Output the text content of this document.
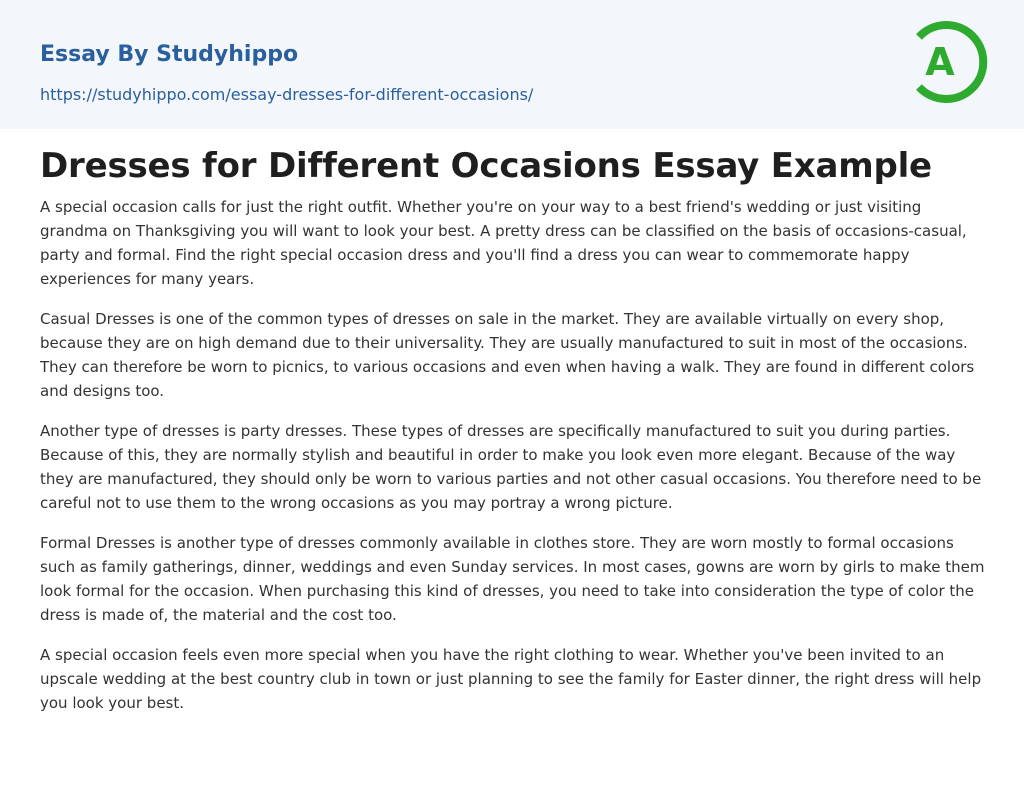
Essay By Studyhippo
https://studyhippo.com/essay-dresses-for-different-occasions/
A
Dresses for Different Occasions Essay Example

A special occasion calls for just the right outfit. Whether you're on your way to a best friend's wedding or just visiting grandma on Thanksgiving you will want to look your best. A pretty dress can be classified on the basis of occasions-casual, party and formal. Find the right special occasion dress and you'll find a dress you can wear to commemorate happy experiences for many years.

Casual Dresses is one of the common types of dresses on sale in the market. They are available virtually on every shop, because they are on high demand due to their universality. They are usually manufactured to suit in most of the occasions. They can therefore be worn to picnics, to various occasions and even when having a walk. They are found in different colors and designs too.

Another type of dresses is party dresses. These types of dresses are specifically manufactured to suit you during parties. Because of this, they are normally stylish and beautiful in order to make you look even more elegant. Because of the way they are manufactured, they should only be worn to various parties and not other casual occasions. You therefore need to be careful not to use them to the wrong occasions as you may portray a wrong picture.

Formal Dresses is another type of dresses commonly available in clothes store. They are worn mostly to formal occasions such as family gatherings, dinner, weddings and even Sunday services. In most cases, gowns are worn by girls to make them look formal for the occasion. When purchasing this kind of dresses, you need to take into consideration the type of color the dress is made of, the material and the cost too.

A special occasion feels even more special when you have the right clothing to wear. Whether you've been invited to an upscale wedding at the best country club in town or just planning to see the family for Easter dinner, the right dress will help you look your best.
